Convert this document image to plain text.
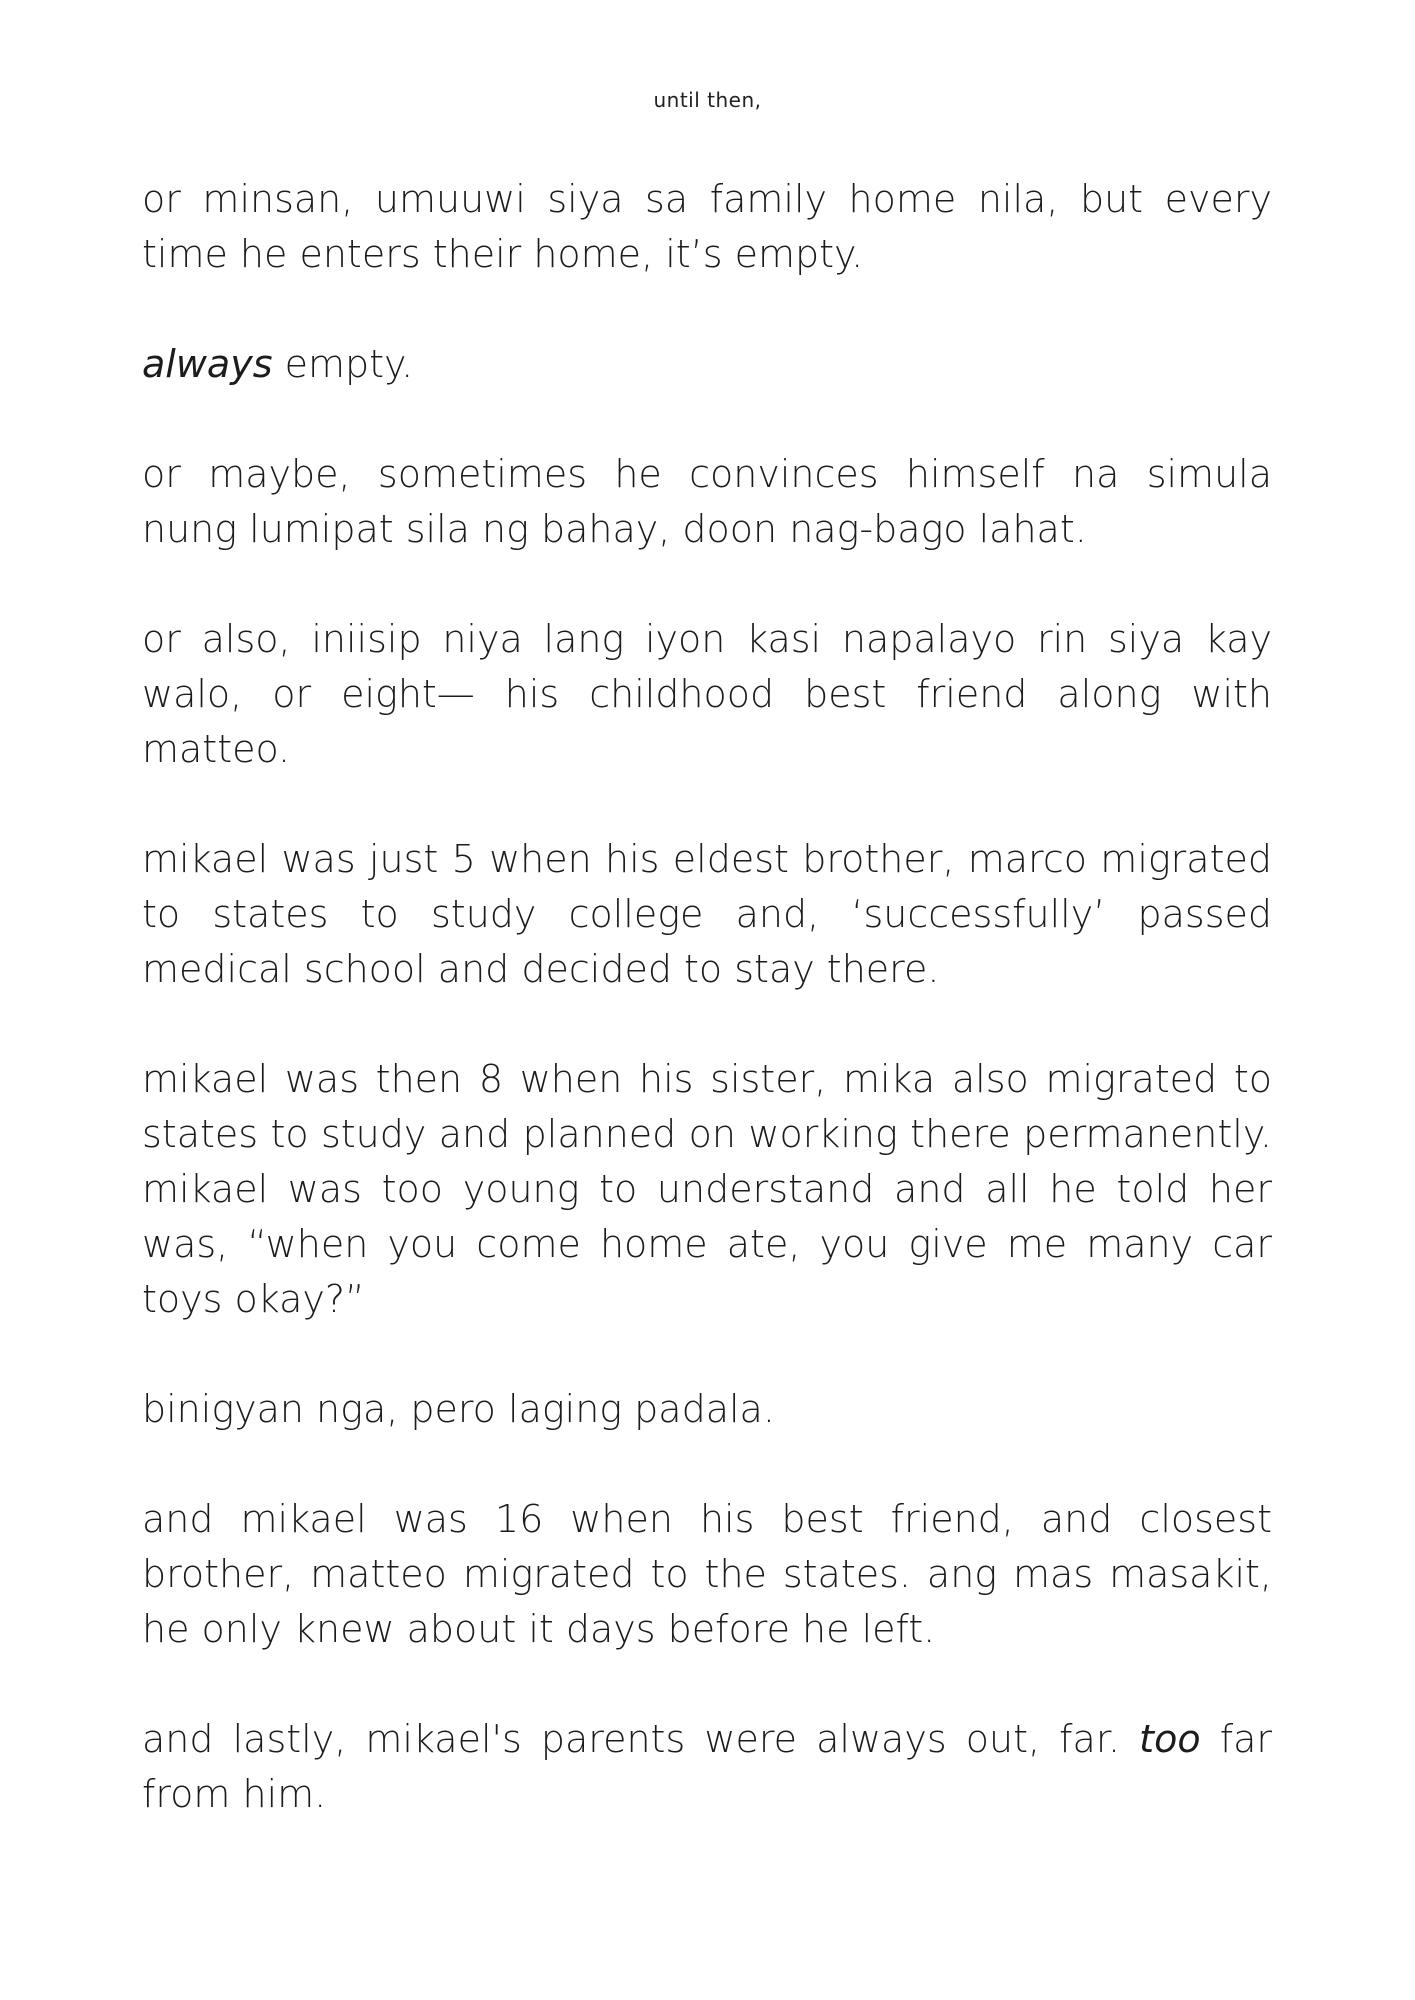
until then,

or minsan, umuuwi siya sa family home nila, but every time he enters their home, it’s empty.

always empty.

or maybe, sometimes he convinces himself na simula nung lumipat sila ng bahay, doon nag-bago lahat.

or also, iniisip niya lang iyon kasi napalayo rin siya kay walo, or eight— his childhood best friend along with matteo.

mikael was just 5 when his eldest brother, marco migrated to states to study college and, ‘successfully’ passed medical school and decided to stay there.

mikael was then 8 when his sister, mika also migrated to states to study and planned on working there permanently. mikael was too young to understand and all he told her was, “when you come home ate, you give me many car toys okay?”

binigyan nga, pero laging padala.

and mikael was 16 when his best friend, and closest brother, matteo migrated to the states. ang mas masakit, he only knew about it days before he left.

and lastly, mikael's parents were always out, far. too far from him.
